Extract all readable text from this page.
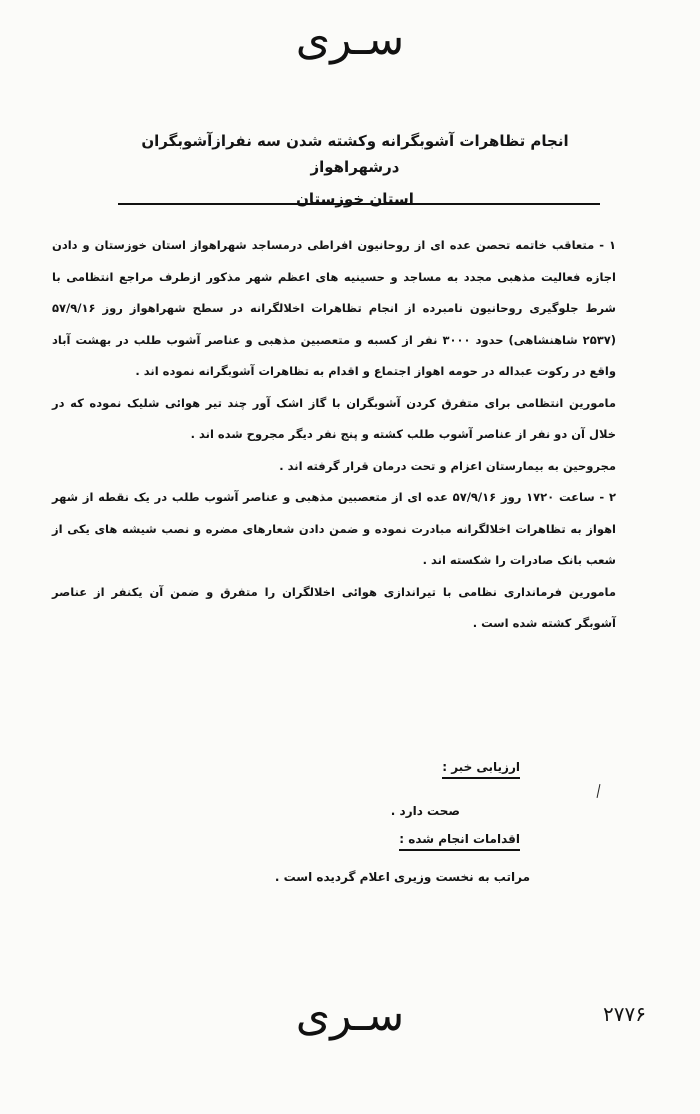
سـرى
انجام تظاهرات آشوبگرانه وکشته شدن سه نفرازآشوبگران درشهراهواز
استان خوزستان

۱ - متعاقب خاتمه تحصن عده ای از روحانیون افراطی درمساجد شهراهواز استان خوزستان و دادن اجازه فعالیت مذهبی مجدد به مساجد و حسینیه های اعظم شهر مذکور ازطرف مراجع انتظامی با شرط جلوگیری روحانیون نامبرده از انجام تظاهرات اخلالگرانه در سطح شهراهواز روز ۵۷/۹/۱۶ (۲۵۳۷ شاهنشاهی) حدود ۳۰۰۰ نفر از کسبه و متعصبین مذهبی و عناصر آشوب طلب در بهشت آباد واقع در رکوت عبداله در حومه اهواز اجتماع و اقدام به تظاهرات آشوبگرانه نموده اند .

مامورین انتظامی برای متفرق کردن آشوبگران با گاز اشک آور چند تیر هوائی شلیک نموده که در خلال آن دو نفر از عناصر آشوب طلب کشته و پنج نفر دیگر مجروح شده اند .

مجروحین به بیمارستان اعزام و تحت درمان قرار گرفته اند .

۲ - ساعت ۱۷۲۰ روز ۵۷/۹/۱۶ عده ای از متعصبین مذهبی و عناصر آشوب طلب در یک نقطه از شهر اهواز به تظاهرات اخلالگرانه مبادرت نموده و ضمن دادن شعارهای مضره و نصب شیشه های یکی از شعب بانک صادرات را شکسته اند .

مامورین فرمانداری نظامی با تیراندازی هوائی اخلالگران را متفرق و ضمن آن یکنفر از عناصر آشوبگر کشته شده است .

ارزیابی خبر :
صحت دارد .
اقدامات انجام شده :
مراتب به نخست وزیری اعلام گردیده است .
سـرى	۲۷۷۶
